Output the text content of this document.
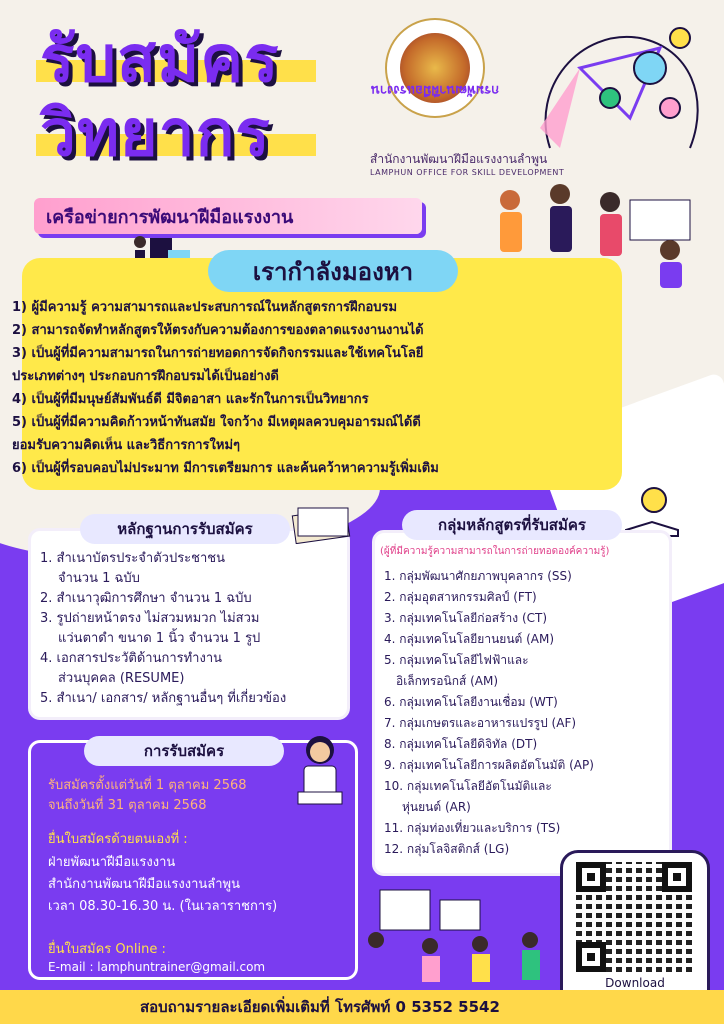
รับสมัคร
วิทยากร
กรมพัฒนาฝีมือแรงงาน
สำนักงานพัฒนาฝีมือแรงงานลำพูน
LAMPHUN OFFICE FOR SKILL DEVELOPMENT
เครือข่ายการพัฒนาฝีมือแรงงาน
เรากำลังมองหา
1) ผู้มีความรู้ ความสามารถและประสบการณ์ในหลักสูตรการฝึกอบรม
2) สามารถจัดทำหลักสูตรให้ตรงกับความต้องการของตลาดแรงงานงานได้
3) เป็นผู้ที่มีความสามารถในการถ่ายทอดการจัดกิจกรรมและใช้เทคโนโลยี
ประเภทต่างๆ ประกอบการฝึกอบรมได้เป็นอย่างดี
4) เป็นผู้ที่มีมนุษย์สัมพันธ์ดี มีจิตอาสา และรักในการเป็นวิทยากร
5) เป็นผู้ที่มีความคิดก้าวหน้าทันสมัย ใจกว้าง มีเหตุผลควบคุมอารมณ์ได้ดี
ยอมรับความคิดเห็น และวิธีการการใหม่ๆ
6) เป็นผู้ที่รอบคอบไม่ประมาท มีการเตรียมการ และค้นคว้าหาความรู้เพิ่มเติม
หลักฐานการรับสมัคร
1. สำเนาบัตรประจำตัวประชาชน
จำนวน 1 ฉบับ
2. สำเนาวุฒิการศึกษา จำนวน 1 ฉบับ
3. รูปถ่ายหน้าตรง ไม่สวมหมวก ไม่สวม
แว่นตาดำ ขนาด 1 นิ้ว จำนวน 1 รูป
4. เอกสารประวัติด้านการทำงาน
ส่วนบุคคล (RESUME)
5. สำเนา/ เอกสาร/ หลักฐานอื่นๆ ที่เกี่ยวข้อง
การรับสมัคร
รับสมัครตั้งแต่วันที่ 1 ตุลาคม 2568
จนถึงวันที่ 31 ตุลาคม 2568
ยื่นใบสมัครด้วยตนเองที่ :
ฝ่ายพัฒนาฝีมือแรงงาน
สำนักงานพัฒนาฝีมือแรงงานลำพูน
เวลา 08.30-16.30 น. (ในเวลาราชการ)
ยื่นใบสมัคร Online :
E-mail : lamphuntrainer@gmail.com
กลุ่มหลักสูตรที่รับสมัคร
(ผู้ที่มีความรู้ความสามารถในการถ่ายทอดองค์ความรู้)
1. กลุ่มพัฒนาศักยภาพบุคลากร (SS)
2. กลุ่มอุตสาหกรรมศิลป์ (FT)
3. กลุ่มเทคโนโลยีก่อสร้าง (CT)
4. กลุ่มเทคโนโลยียานยนต์ (AM)
5. กลุ่มเทคโนโลยีไฟฟ้าและ
อิเล็กทรอนิกส์ (AM)
6. กลุ่มเทคโนโลยีงานเชื่อม (WT)
7. กลุ่มเกษตรและอาหารแปรรูป (AF)
8. กลุ่มเทคโนโลยีดิจิทัล (DT)
9. กลุ่มเทคโนโลยีการผลิตอัตโนมัติ (AP)
10. กลุ่มเทคโนโลยีอัตโนมัติและ
หุ่นยนต์ (AR)
11. กลุ่มท่องเที่ยวและบริการ (TS)
12. กลุ่มโลจิสติกส์ (LG)
Download
สอบถามรายละเอียดเพิ่มเติมที่ โทรศัพท์ 0 5352 5542
